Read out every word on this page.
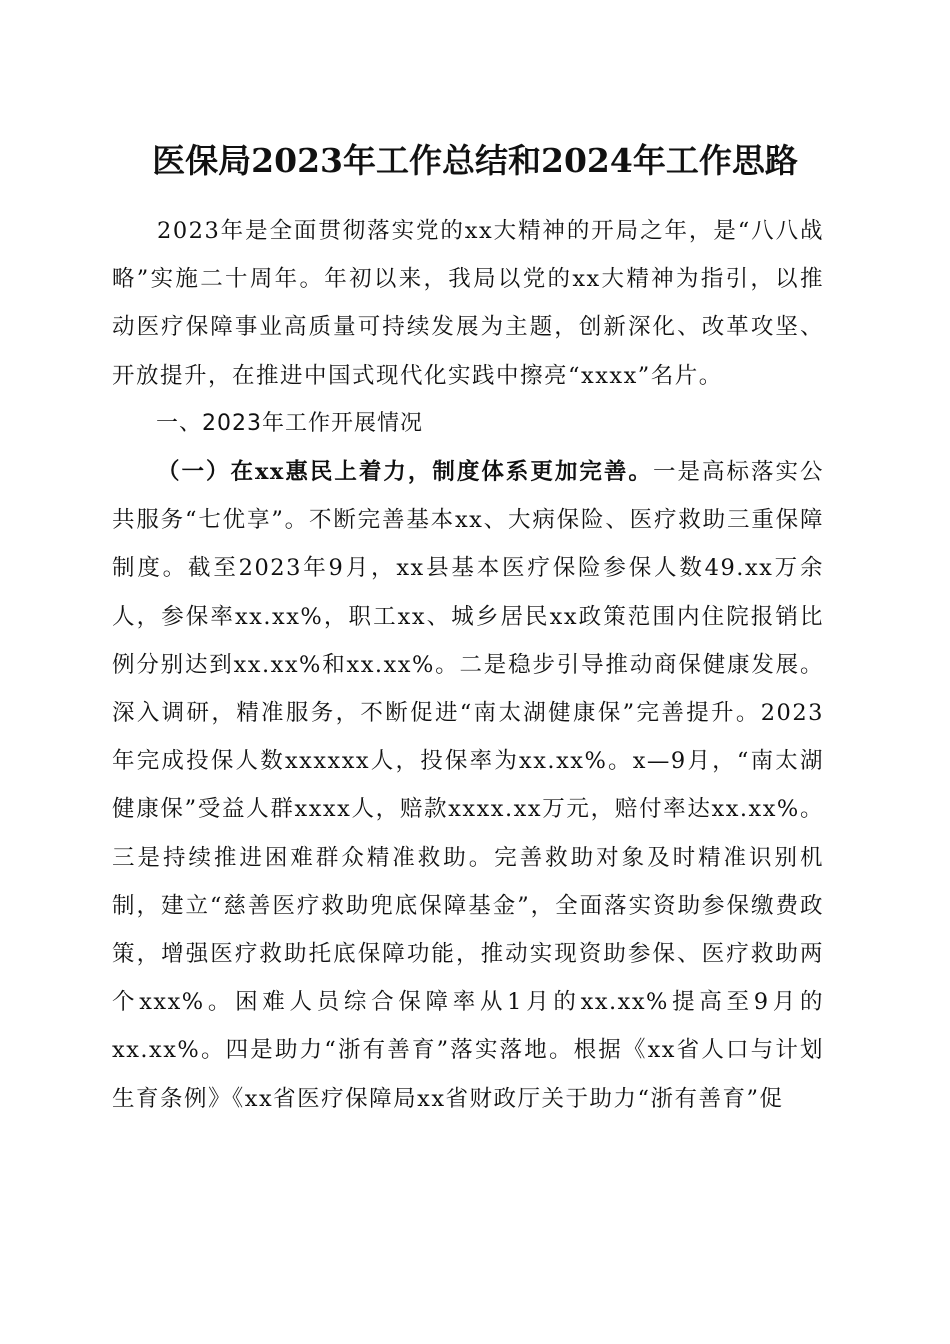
医保局2023年工作总结和2024年工作思路

2023年是全面贯彻落实党的xx大精神的开局之年，是“八八战略”实施二十周年。年初以来，我局以党的xx大精神为指引，以推动医疗保障事业高质量可持续发展为主题，创新深化、改革攻坚、开放提升，在推进中国式现代化实践中擦亮“xxxx”名片。

一、2023年工作开展情况

（一）在xx惠民上着力，制度体系更加完善。一是高标落实公共服务“七优享”。不断完善基本xx、大病保险、医疗救助三重保障制度。截至2023年9月，xx县基本医疗保险参保人数49.xx万余人，参保率xx.xx%，职工xx、城乡居民xx政策范围内住院报销比例分别达到xx.xx%和xx.xx%。二是稳步引导推动商保健康发展。深入调研，精准服务，不断促进“南太湖健康保”完善提升。2023年完成投保人数xxxxxx人，投保率为xx.xx%。x—9月，“南太湖健康保”受益人群xxxx人，赔款xxxx.xx万元，赔付率达xx.xx%。三是持续推进困难群众精准救助。完善救助对象及时精准识别机制，建立“慈善医疗救助兜底保障基金”，全面落实资助参保缴费政策，增强医疗救助托底保障功能，推动实现资助参保、医疗救助两个xxx%。困难人员综合保障率从1月的xx.xx%提高至9月的xx.xx%。四是助力“浙有善育”落实落地。根据《xx省人口与计划生育条例》《xx省医疗保障局xx省财政厅关于助力“浙有善育”促
